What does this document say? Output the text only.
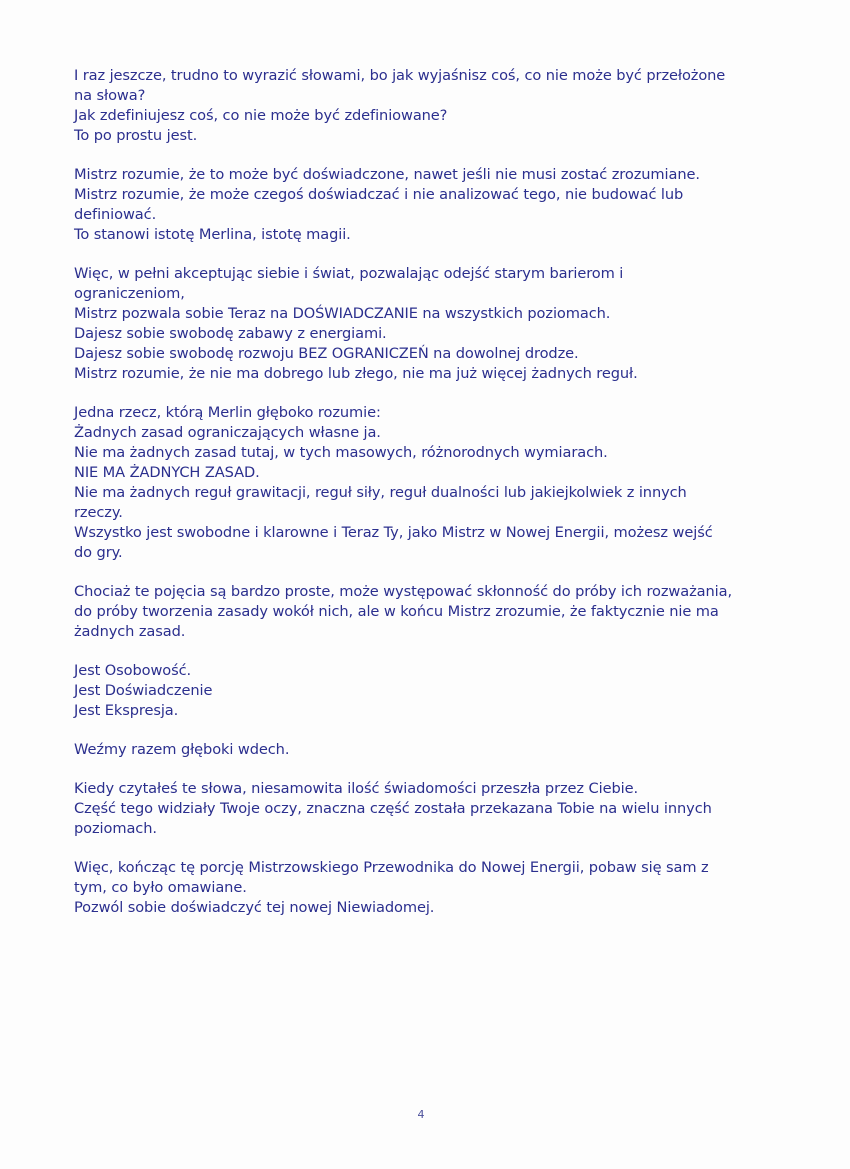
I raz jeszcze, trudno to wyrazić słowami, bo jak wyjaśnisz coś, co nie może być przełożone
na słowa?
Jak zdefiniujesz coś, co nie może być zdefiniowane?
To po prostu jest.
Mistrz rozumie, że to może być doświadczone, nawet jeśli nie musi zostać zrozumiane.
Mistrz rozumie, że może czegoś doświadczać i nie analizować tego, nie budować lub
definiować.
To stanowi istotę Merlina, istotę magii.
Więc, w pełni akceptując siebie i świat, pozwalając odejść starym barierom i
ograniczeniom,
Mistrz pozwala sobie Teraz na DOŚWIADCZANIE na wszystkich poziomach.
Dajesz sobie swobodę zabawy z energiami.
Dajesz sobie swobodę rozwoju BEZ OGRANICZEŃ na dowolnej drodze.
Mistrz rozumie, że nie ma dobrego lub złego, nie ma już więcej żadnych reguł.
Jedna rzecz, którą Merlin głęboko rozumie:
Żadnych zasad ograniczających własne ja.
Nie ma żadnych zasad tutaj, w tych masowych, różnorodnych wymiarach.
NIE MA ŻADNYCH ZASAD.
Nie ma żadnych reguł grawitacji, reguł siły, reguł dualności lub jakiejkolwiek z innych
rzeczy.
Wszystko jest swobodne i klarowne i Teraz Ty, jako Mistrz w Nowej Energii, możesz wejść
do gry.
Chociaż te pojęcia są bardzo proste, może występować skłonność do próby ich rozważania,
do próby tworzenia zasady wokół nich, ale w końcu Mistrz zrozumie, że faktycznie nie ma
żadnych zasad.
Jest Osobowość.
Jest Doświadczenie
Jest Ekspresja.
Weźmy razem głęboki wdech.
Kiedy czytałeś te słowa, niesamowita ilość świadomości przeszła przez Ciebie.
Część tego widziały Twoje oczy, znaczna część została przekazana Tobie na wielu innych
poziomach.
Więc, kończąc tę porcję Mistrzowskiego Przewodnika do Nowej Energii, pobaw się sam z
tym, co było omawiane.
Pozwól sobie doświadczyć tej nowej Niewiadomej.
4
